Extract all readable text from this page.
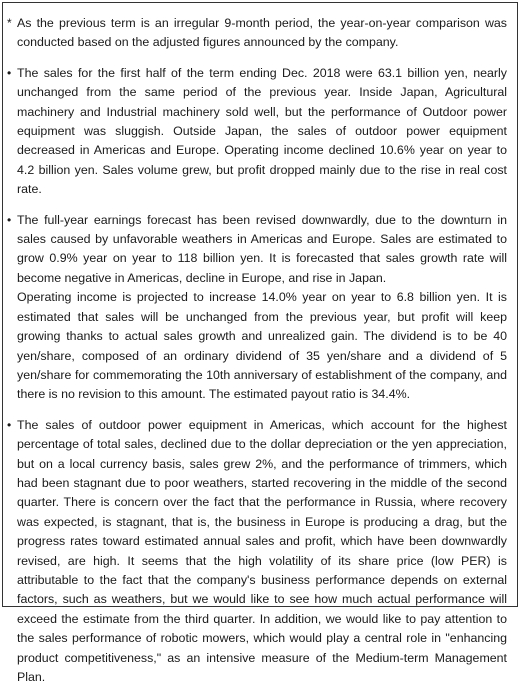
* As the previous term is an irregular 9-month period, the year-on-year comparison was conducted based on the adjusted figures announced by the company.
• The sales for the first half of the term ending Dec. 2018 were 63.1 billion yen, nearly unchanged from the same period of the previous year. Inside Japan, Agricultural machinery and Industrial machinery sold well, but the performance of Outdoor power equipment was sluggish. Outside Japan, the sales of outdoor power equipment decreased in Americas and Europe. Operating income declined 10.6% year on year to 4.2 billion yen. Sales volume grew, but profit dropped mainly due to the rise in real cost rate.
• The full-year earnings forecast has been revised downwardly, due to the downturn in sales caused by unfavorable weathers in Americas and Europe. Sales are estimated to grow 0.9% year on year to 118 billion yen. It is forecasted that sales growth rate will become negative in Americas, decline in Europe, and rise in Japan.
Operating income is projected to increase 14.0% year on year to 6.8 billion yen. It is estimated that sales will be unchanged from the previous year, but profit will keep growing thanks to actual sales growth and unrealized gain. The dividend is to be 40 yen/share, composed of an ordinary dividend of 35 yen/share and a dividend of 5 yen/share for commemorating the 10th anniversary of establishment of the company, and there is no revision to this amount. The estimated payout ratio is 34.4%.
• The sales of outdoor power equipment in Americas, which account for the highest percentage of total sales, declined due to the dollar depreciation or the yen appreciation, but on a local currency basis, sales grew 2%, and the performance of trimmers, which had been stagnant due to poor weathers, started recovering in the middle of the second quarter. There is concern over the fact that the performance in Russia, where recovery was expected, is stagnant, that is, the business in Europe is producing a drag, but the progress rates toward estimated annual sales and profit, which have been downwardly revised, are high. It seems that the high volatility of its share price (low PER) is attributable to the fact that the company's business performance depends on external factors, such as weathers, but we would like to see how much actual performance will exceed the estimate from the third quarter. In addition, we would like to pay attention to the sales performance of robotic mowers, which would play a central role in "enhancing product competitiveness," as an intensive measure of the Medium-term Management Plan.
